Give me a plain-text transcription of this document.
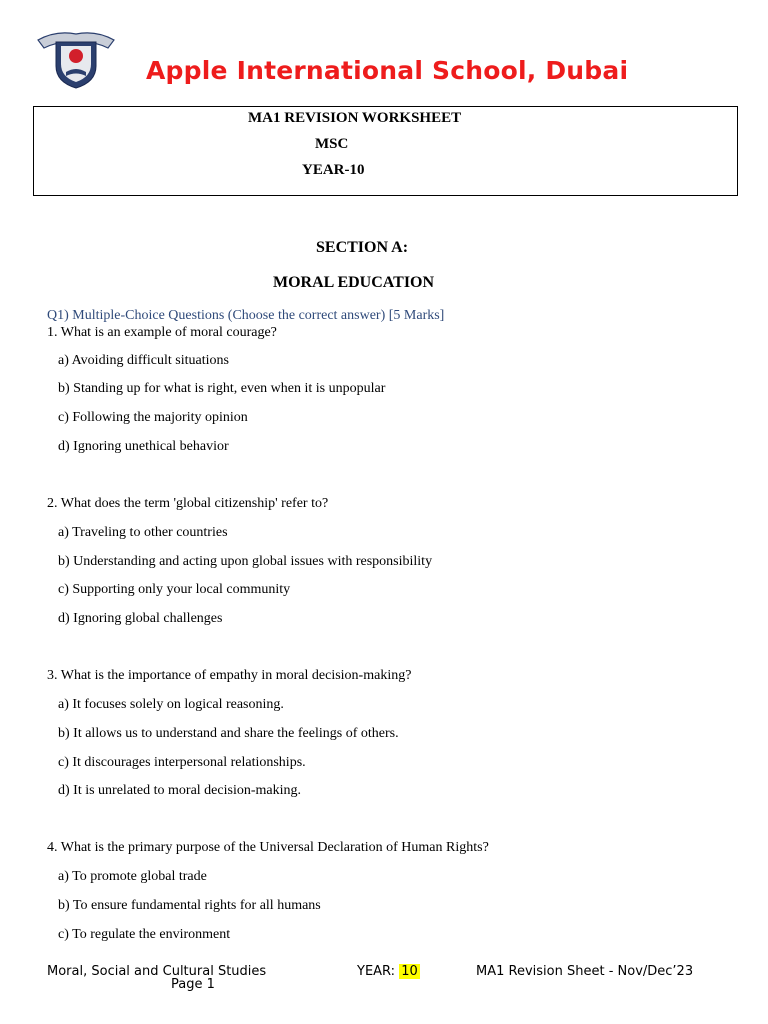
Apple International School, Dubai
MA1 REVISION WORKSHEET
MSC
YEAR-10
SECTION A:
MORAL EDUCATION
Q1) Multiple-Choice Questions (Choose the correct answer) [5 Marks]
1. What is an example of moral courage?
a) Avoiding difficult situations
b) Standing up for what is right, even when it is unpopular
c) Following the majority opinion
d) Ignoring unethical behavior
2. What does the term 'global citizenship' refer to?
a) Traveling to other countries
b) Understanding and acting upon global issues with responsibility
c) Supporting only your local community
d) Ignoring global challenges
3. What is the importance of empathy in moral decision-making?
a) It focuses solely on logical reasoning.
b) It allows us to understand and share the feelings of others.
c) It discourages interpersonal relationships.
d) It is unrelated to moral decision-making.
4. What is the primary purpose of the Universal Declaration of Human Rights?
a) To promote global trade
b) To ensure fundamental rights for all humans
c) To regulate the environment
Moral, Social and Cultural Studies
Page 1
YEAR: 10	MA1 Revision Sheet - Nov/Dec’23
